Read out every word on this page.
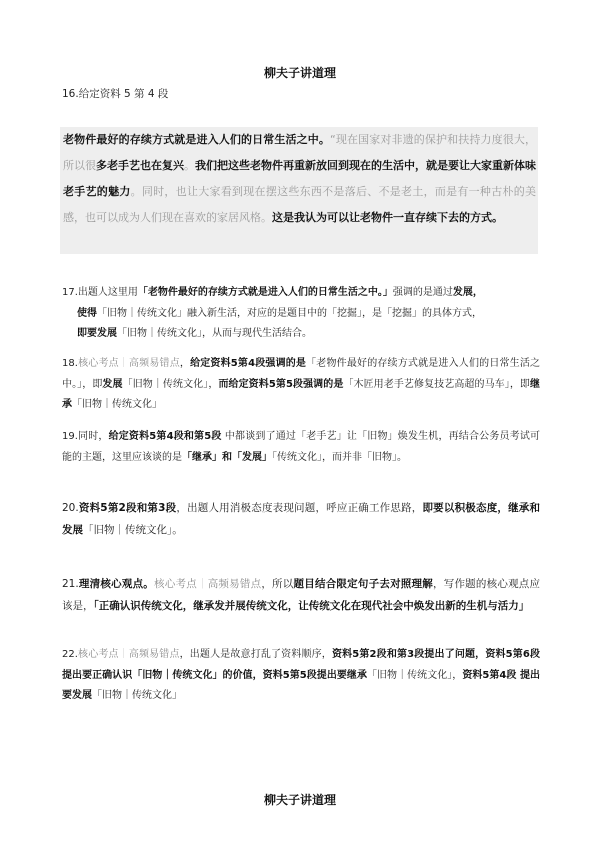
柳夫子讲道理
16.给定资料 5 第 4 段
老物件最好的存续方式就是进入人们的日常生活之中。“现在国家对非遗的保护和扶持力度很大，所以很多老手艺也在复兴。我们把这些老物件再重新放回到现在的生活中，就是要让大家重新体味老手艺的魅力。同时，也让大家看到现在摆这些东西不是落后、不是老土，而是有一种古朴的美感，也可以成为人们现在喜欢的家居风格。这是我认为可以让老物件一直存续下去的方式。
17.出题人这里用「老物件最好的存续方式就是进入人们的日常生活之中。」强调的是通过发展，
使得「旧物｜传统文化」融入新生活，对应的是题目中的「挖掘」，是「挖掘」的具体方式，
即要发展「旧物｜传统文化」，从而与现代生活结合。
18.核心考点｜高频易错点，给定资料5第4段强调的是「老物件最好的存续方式就是进入人们的日常生活之中。」，即发展「旧物｜传统文化」，而给定资料5第5段强调的是「木匠用老手艺修复技艺高超的马车」，即继承「旧物｜传统文化」
19.同时，给定资料5第4段和第5段 中都谈到了通过「老手艺」让「旧物」焕发生机，再结合公务员考试可能的主题，这里应该谈的是「继承」和「发展」「传统文化」，而并非「旧物」。
20.资料5第2段和第3段，出题人用消极态度表现问题，呼应正确工作思路，即要以积极态度，继承和发展「旧物｜传统文化」。
21.理清核心观点。核心考点｜高频易错点，所以题目结合限定句子去对照理解，写作题的核心观点应该是，「正确认识传统文化，继承发并展传统文化，让传统文化在现代社会中焕发出新的生机与活力」
22.核心考点｜高频易错点，出题人是故意打乱了资料顺序，资料5第2段和第3段提出了问题，资料5第6段提出要正确认识「旧物｜传统文化」的价值，资料5第5段提出要继承「旧物｜传统文化」，资料5第4段 提出要发展「旧物｜传统文化」
柳夫子讲道理
